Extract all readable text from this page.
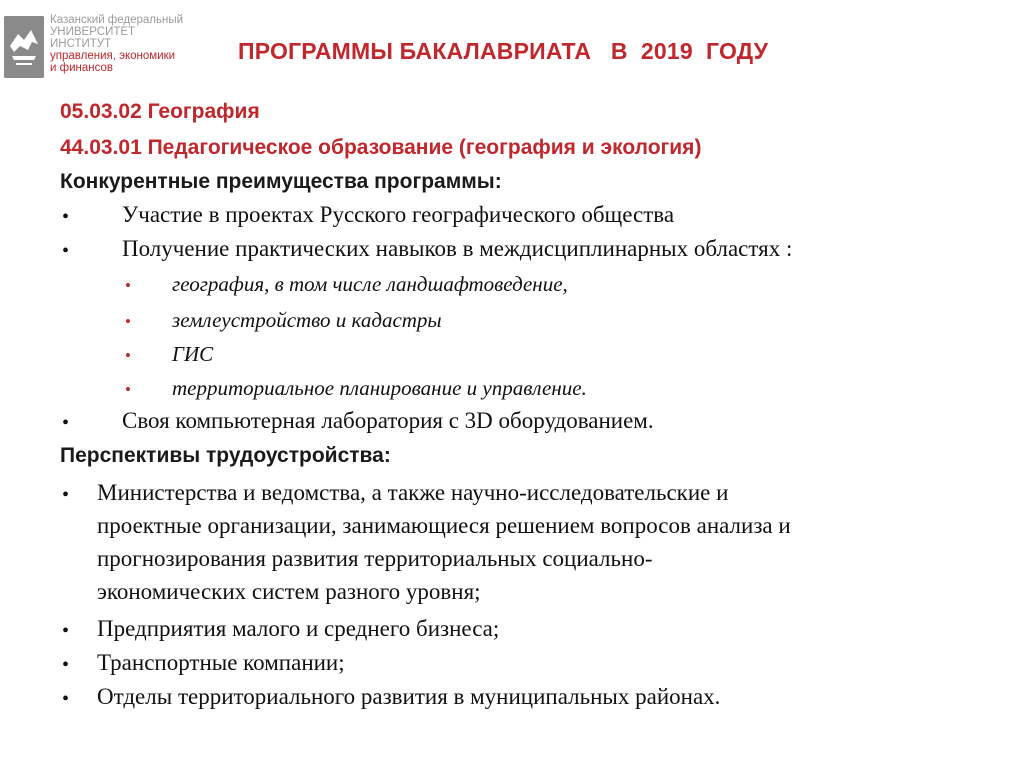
Казанский федеральный
УНИВЕРСИТЕТ
ИНСТИТУТ
управления, экономики
и финансов
ПРОГРАММЫ БАКАЛАВРИАТА   В  2019  ГОДУ
05.03.02 География
44.03.01 Педагогическое образование (география и экология)
Конкурентные преимущества программы:
• Участие в проектах Русского географического общества
• Получение практических навыков в междисциплинарных областях :
• география, в том числе ландшафтоведение,
• землеустройство и кадастры
• ГИС
• территориальное планирование и управление.
• Своя компьютерная лаборатория с 3D оборудованием.
Перспективы трудоустройства:
• Министерства и ведомства, а также научно-исследовательские и
проектные организации, занимающиеся решением вопросов анализа и
прогнозирования развития территориальных социально-
экономических систем разного уровня;
• Предприятия малого и среднего бизнеса;
• Транспортные компании;
• Отделы территориального развития в муниципальных районах.
